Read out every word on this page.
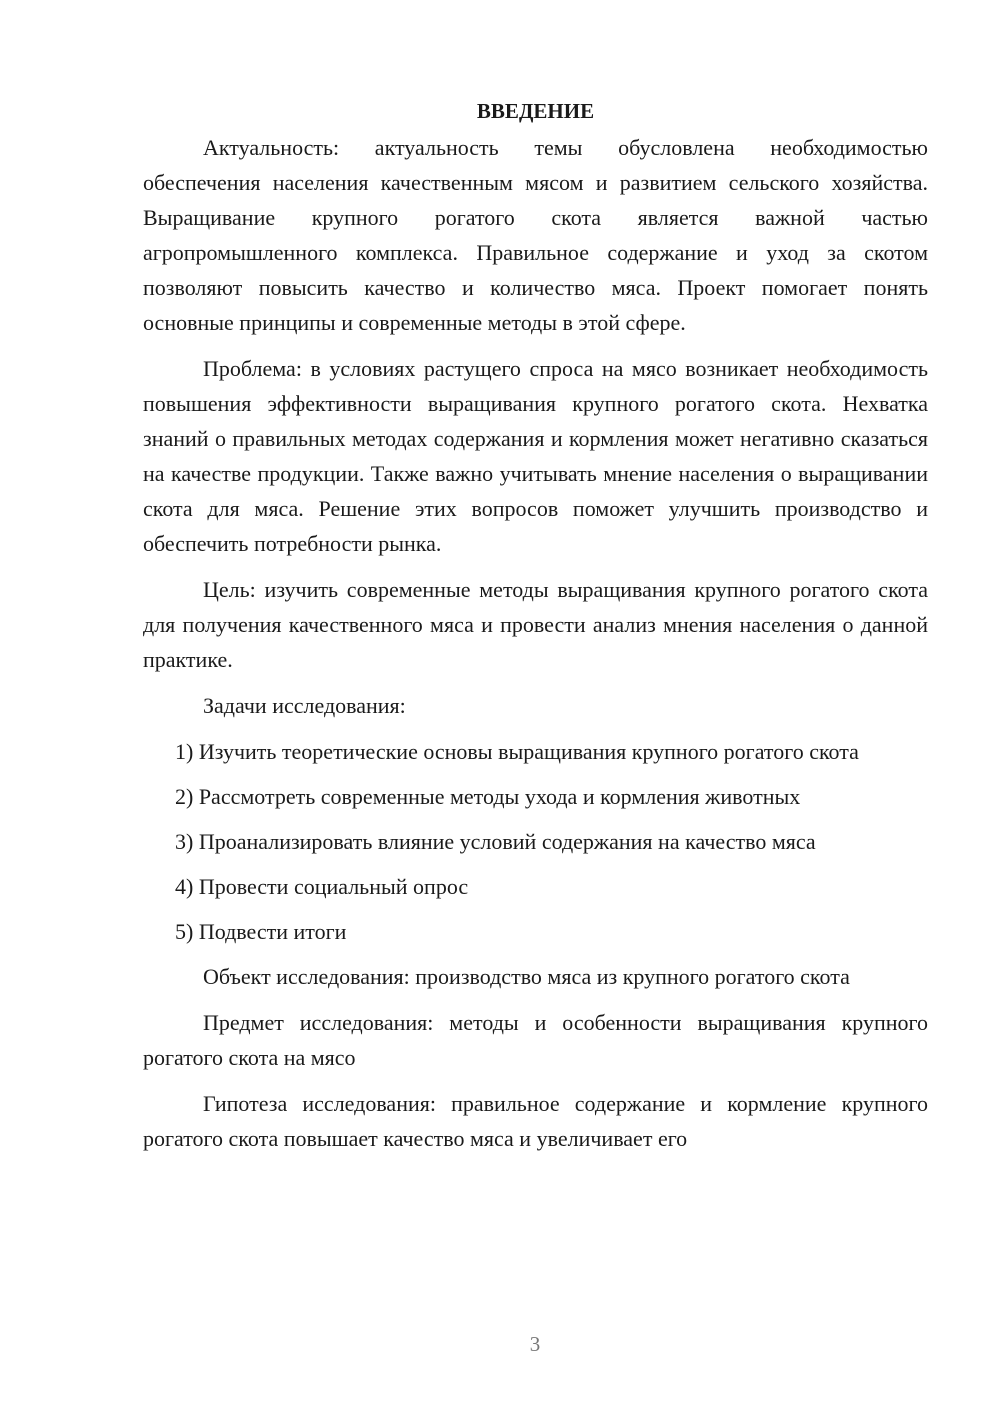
ВВЕДЕНИЕ

Актуальность: актуальность темы обусловлена необходимостью обеспечения населения качественным мясом и развитием сельского хозяйства. Выращивание крупного рогатого скота является важной частью агропромышленного комплекса. Правильное содержание и уход за скотом позволяют повысить качество и количество мяса. Проект помогает понять основные принципы и современные методы в этой сфере.

Проблема: в условиях растущего спроса на мясо возникает необходимость повышения эффективности выращивания крупного рогатого скота. Нехватка знаний о правильных методах содержания и кормления может негативно сказаться на качестве продукции. Также важно учитывать мнение населения о выращивании скота для мяса. Решение этих вопросов поможет улучшить производство и обеспечить потребности рынка.

Цель: изучить современные методы выращивания крупного рогатого скота для получения качественного мяса и провести анализ мнения населения о данной практике.

Задачи исследования:

1) Изучить теоретические основы выращивания крупного рогатого скота

2) Рассмотреть современные методы ухода и кормления животных

3) Проанализировать влияние условий содержания на качество мяса

4) Провести социальный опрос

5) Подвести итоги

Объект исследования: производство мяса из крупного рогатого скота

Предмет исследования: методы и особенности выращивания крупного рогатого скота на мясо

Гипотеза исследования: правильное содержание и кормление крупного рогатого скота повышает качество мяса и увеличивает его

3
